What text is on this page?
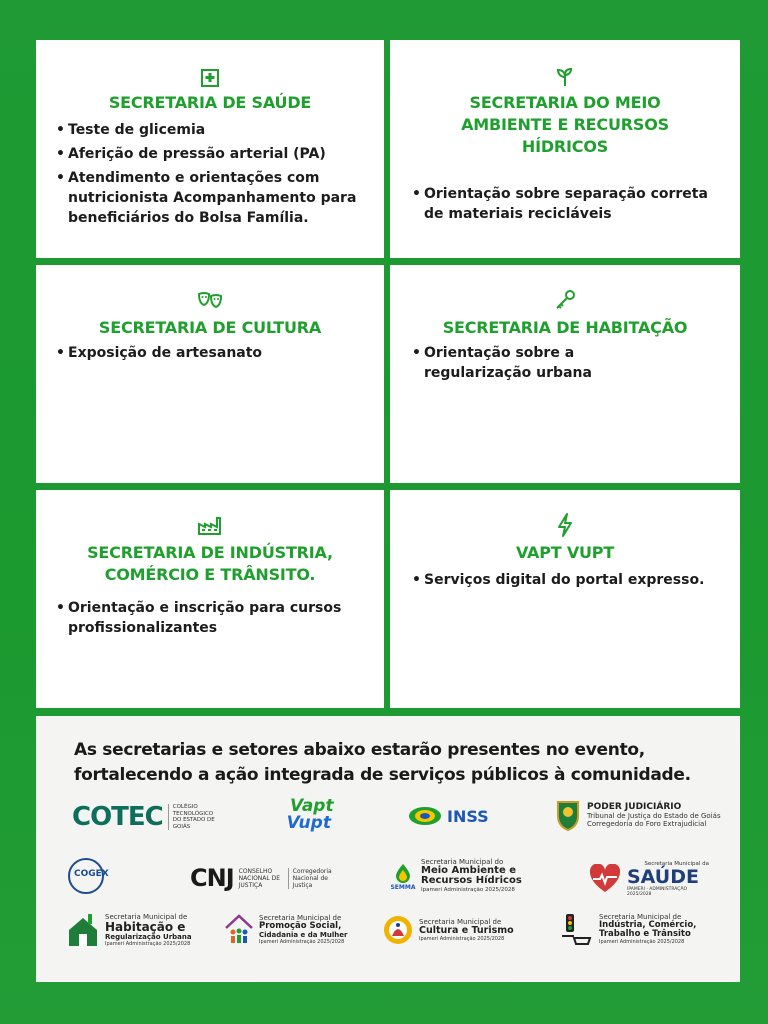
SECRETARIA DE SAÚDE
• Teste de glicemia
• Aferição de pressão arterial (PA)
• Atendimento e orientações com nutricionista Acompanhamento para beneficiários do Bolsa Família.
SECRETARIA DO MEIO AMBIENTE E RECURSOS HÍDRICOS
• Orientação sobre separação correta de materiais recicláveis
SECRETARIA DE CULTURA
• Exposição de artesanato
SECRETARIA DE HABITAÇÃO
• Orientação sobre a regularização urbana
SECRETARIA DE INDÚSTRIA, COMÉRCIO E TRÂNSITO.
• Orientação e inscrição para cursos profissionalizantes
VAPT VUPT
• Serviços digital do portal expresso.
As secretarias e setores abaixo estarão presentes no evento, fortalecendo a ação integrada de serviços públicos à comunidade.
COTEC	COLÉGIO TECNOLÓGICO DO ESTADO DE GOIÁS
Vapt
Vupt	INSS	PODER JUDICIÁRIO
Tribunal de Justiça do Estado de Goiás
Corregedoria do Foro Extrajudicial
COGEX	CNJ CONSELHO NACIONAL DE JUSTIÇA
Corregedoria Nacional de Justiça	SEMMA
Secretaria Municipal do
Meio Ambiente e
Recursos Hídricos
Ipameri Administração 2025/2028
Secretaria Municipal da
SAÚDE
IPAMERI · ADMINISTRAÇÃO 2025/2028
Secretaria Municipal de
Habitação e
Regularização Urbana
Ipameri Administração 2025/2028
Secretaria Municipal de
Promoção Social,
Cidadania e da Mulher
Ipameri Administração 2025/2028
Secretaria Municipal de
Cultura e Turismo
Ipameri Administração 2025/2028
Secretaria Municipal de
Indústria, Comércio,
Trabalho e Trânsito
Ipameri Administração 2025/2028
